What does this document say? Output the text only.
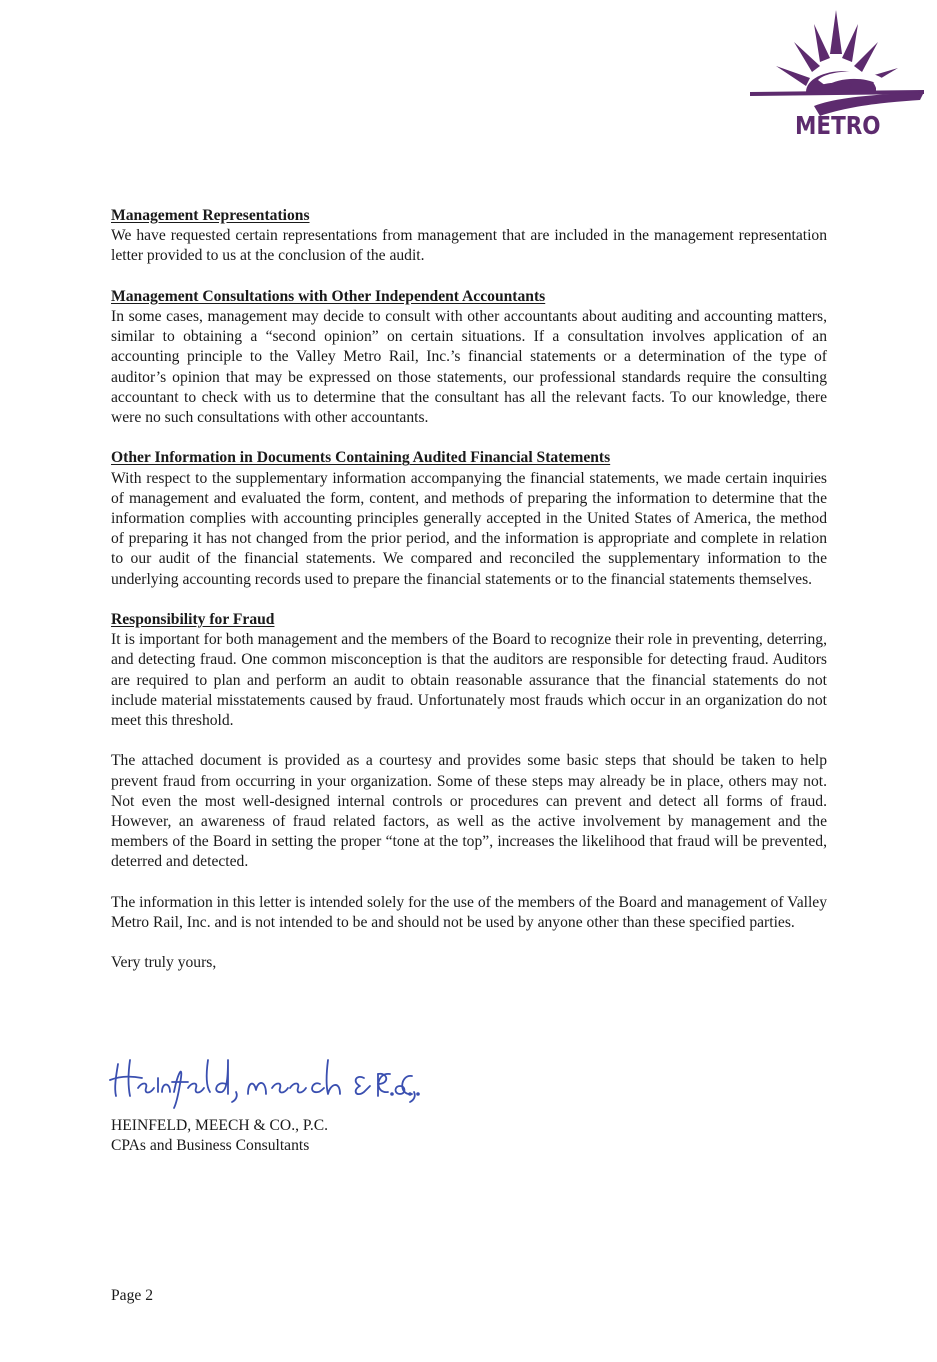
METRO
Management Representations

We have requested certain representations from management that are included in the management representation letter provided to us at the conclusion of the audit.

Management Consultations with Other Independent Accountants

In some cases, management may decide to consult with other accountants about auditing and accounting matters, similar to obtaining a “second opinion” on certain situations. If a consultation involves application of an accounting principle to the Valley Metro Rail, Inc.’s financial statements or a determination of the type of auditor’s opinion that may be expressed on those statements, our professional standards require the consulting accountant to check with us to determine that the consultant has all the relevant facts. To our knowledge, there were no such consultations with other accountants.

Other Information in Documents Containing Audited Financial Statements

With respect to the supplementary information accompanying the financial statements, we made certain inquiries of management and evaluated the form, content, and methods of preparing the information to determine that the information complies with accounting principles generally accepted in the United States of America, the method of preparing it has not changed from the prior period, and the information is appropriate and complete in relation to our audit of the financial statements. We compared and reconciled the supplementary information to the underlying accounting records used to prepare the financial statements or to the financial statements themselves.

Responsibility for Fraud

It is important for both management and the members of the Board to recognize their role in preventing, deterring, and detecting fraud. One common misconception is that the auditors are responsible for detecting fraud. Auditors are required to plan and perform an audit to obtain reasonable assurance that the financial statements do not include material misstatements caused by fraud. Unfortunately most frauds which occur in an organization do not meet this threshold.

The attached document is provided as a courtesy and provides some basic steps that should be taken to help prevent fraud from occurring in your organization. Some of these steps may already be in place, others may not. Not even the most well-designed internal controls or procedures can prevent and detect all forms of fraud. However, an awareness of fraud related factors, as well as the active involvement by management and the members of the Board in setting the proper “tone at the top”, increases the likelihood that fraud will be prevented, deterred and detected.

The information in this letter is intended solely for the use of the members of the Board and management of Valley Metro Rail, Inc. and is not intended to be and should not be used by anyone other than these specified parties.

Very truly yours,

HEINFELD, MEECH & CO., P.C.
CPAs and Business Consultants
Page 2
